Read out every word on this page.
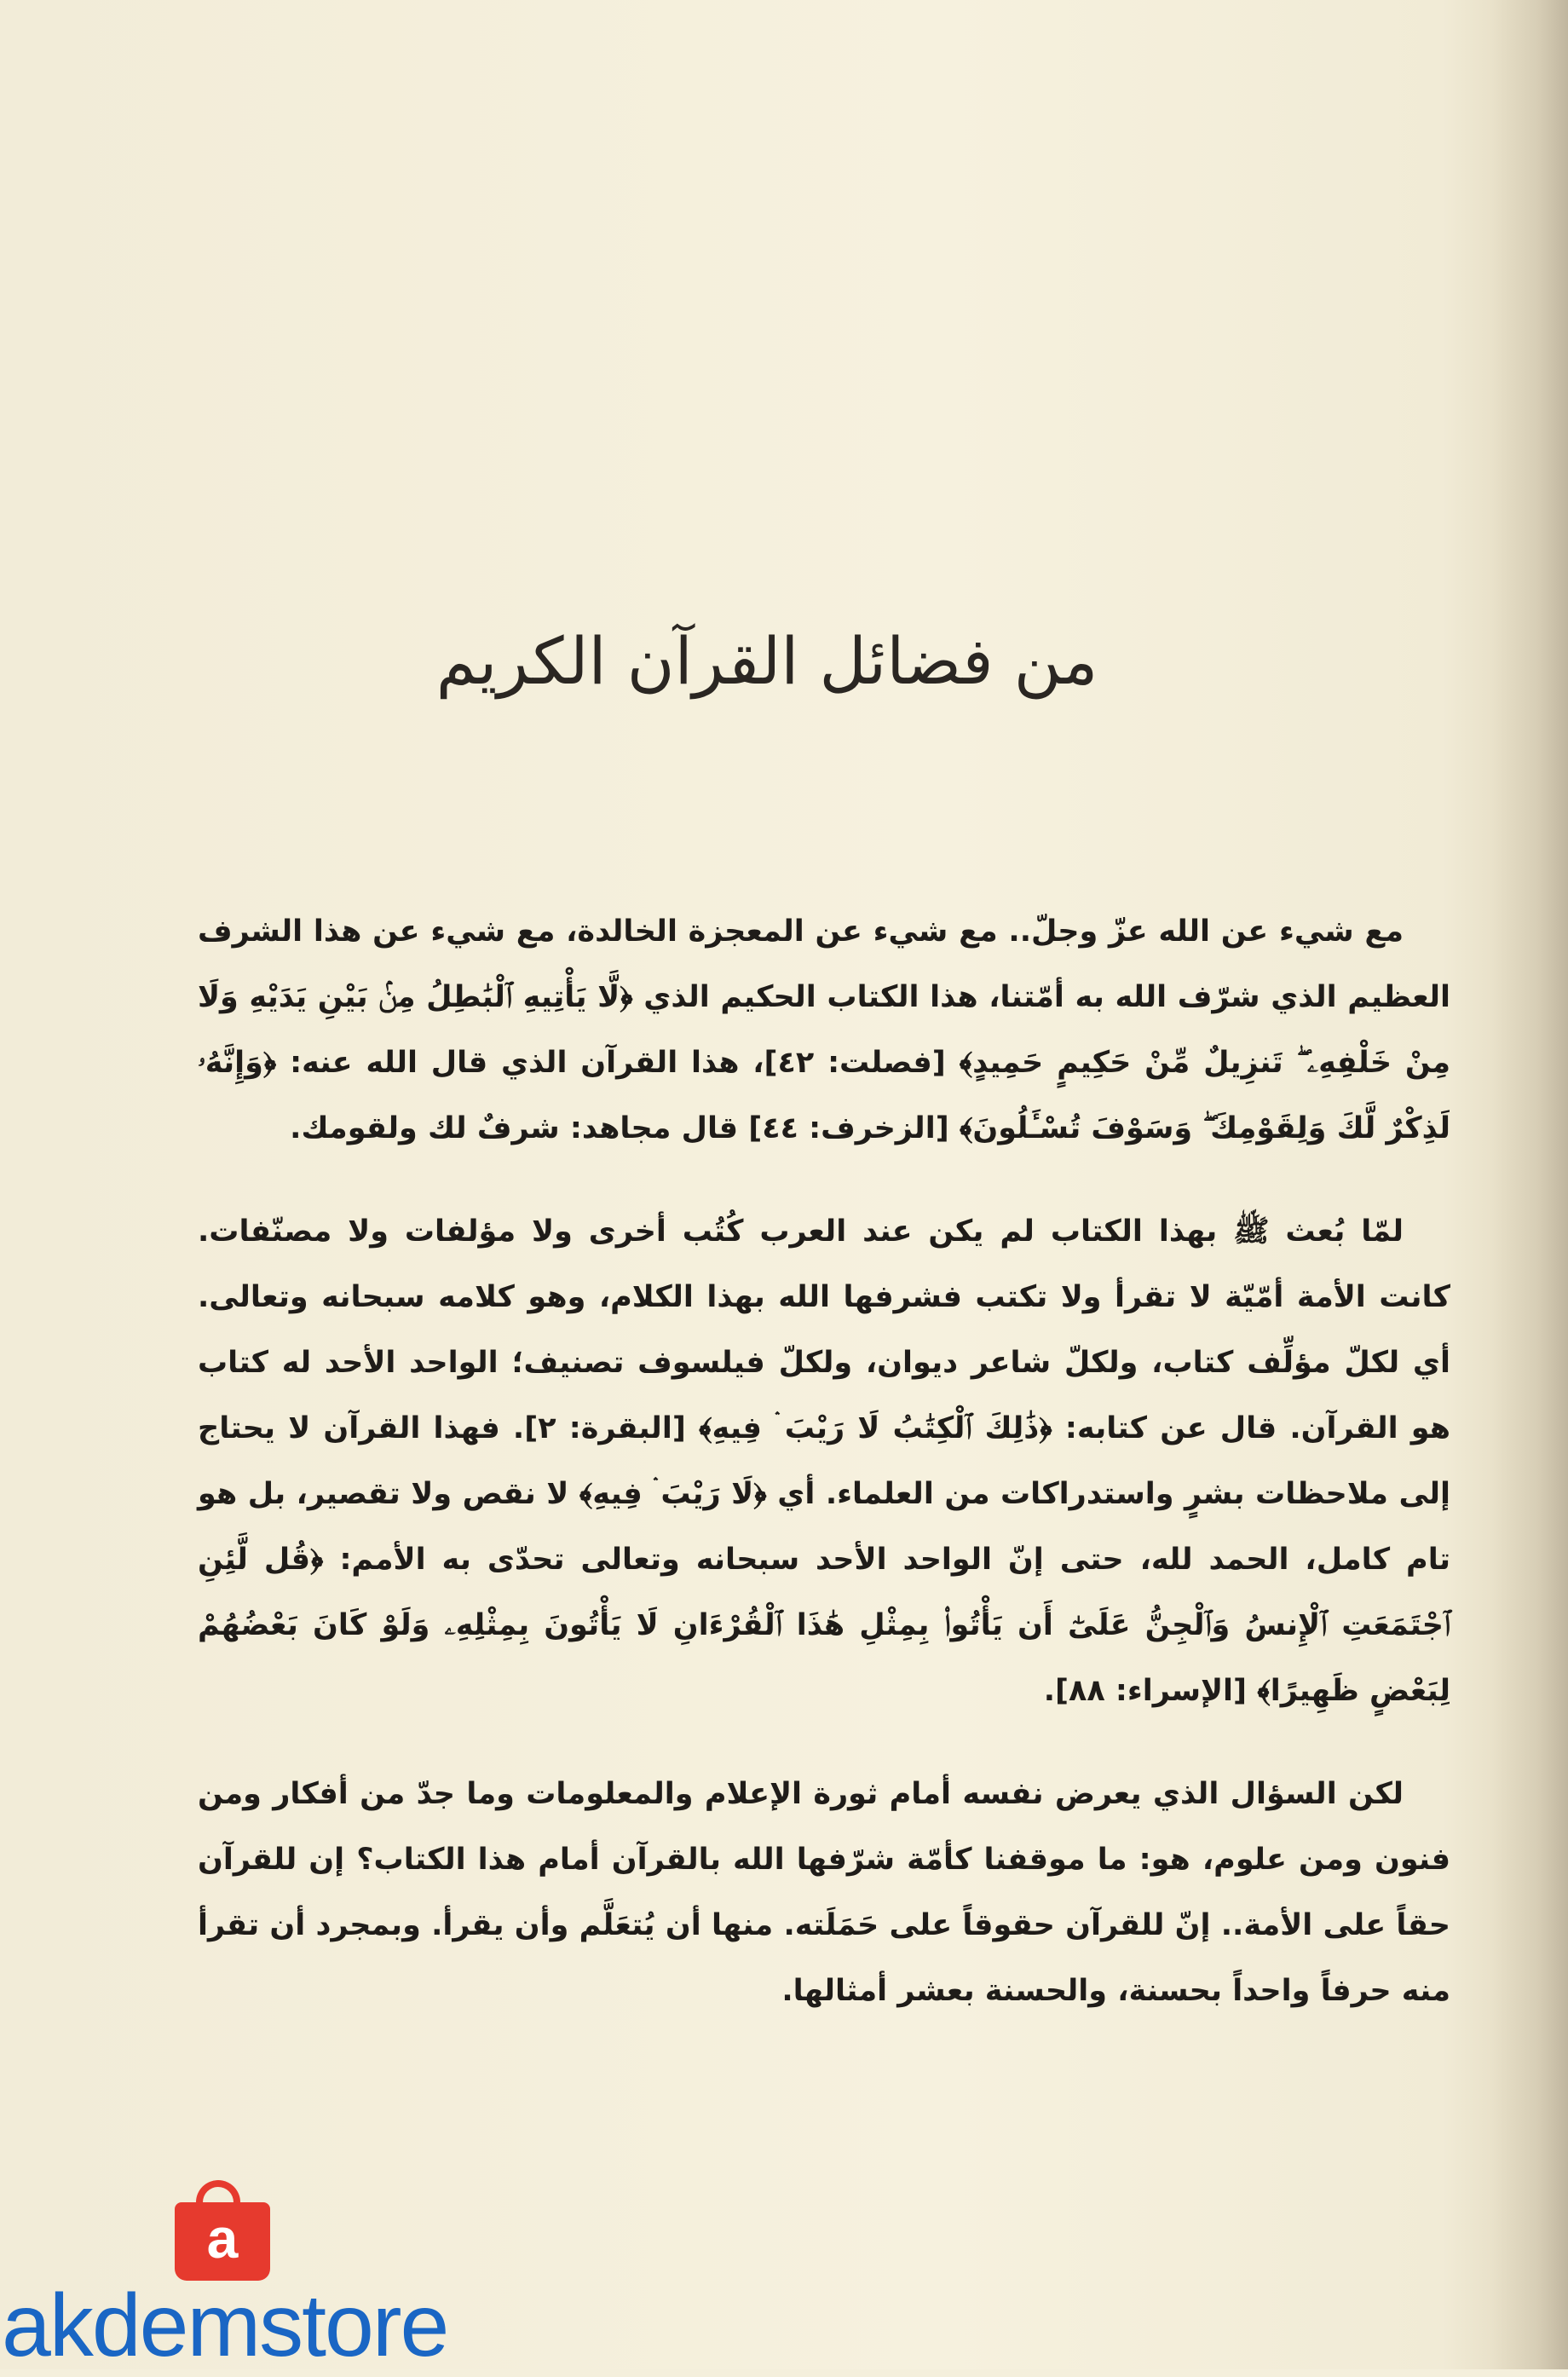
من فضائل القرآن الكريم

مع شيء عن الله عزّ وجلّ.. مع شيء عن المعجزة الخالدة، مع شيء عن هذا الشرف العظيم الذي شرّف الله به أمّتنا، هذا الكتاب الحكيم الذي ﴿لَّا يَأْتِيهِ ٱلْبَٰطِلُ مِنۢ بَيْنِ يَدَيْهِ وَلَا مِنْ خَلْفِهِۦ ۖ تَنزِيلٌ مِّنْ حَكِيمٍ حَمِيدٍ﴾ [فصلت: ٤٢]، هذا القرآن الذي قال الله عنه: ﴿وَإِنَّهُۥ لَذِكْرٌ لَّكَ وَلِقَوْمِكَ ۖ وَسَوْفَ تُسْـَٔلُونَ﴾ [الزخرف: ٤٤] قال مجاهد: شرفٌ لك ولقومك.

لمّا بُعث ﷺ بهذا الكتاب لم يكن عند العرب كُتُب أخرى ولا مؤلفات ولا مصنّفات. كانت الأمة أمّيّة لا تقرأ ولا تكتب فشرفها الله بهذا الكلام، وهو كلامه سبحانه وتعالى. أي لكلّ مؤلِّف كتاب، ولكلّ شاعر ديوان، ولكلّ فيلسوف تصنيف؛ الواحد الأحد له كتاب هو القرآن. قال عن كتابه: ﴿ذَٰلِكَ ٱلْكِتَٰبُ لَا رَيْبَ ۛ فِيهِ﴾ [البقرة: ٢]. فهذا القرآن لا يحتاج إلى ملاحظات بشرٍ واستدراكات من العلماء. أي ﴿لَا رَيْبَ ۛ فِيهِ﴾ لا نقص ولا تقصير، بل هو تام كامل، الحمد لله، حتى إنّ الواحد الأحد سبحانه وتعالى تحدّى به الأمم: ﴿قُل لَّئِنِ ٱجْتَمَعَتِ ٱلْإِنسُ وَٱلْجِنُّ عَلَىٰٓ أَن يَأْتُوا۟ بِمِثْلِ هَٰذَا ٱلْقُرْءَانِ لَا يَأْتُونَ بِمِثْلِهِۦ وَلَوْ كَانَ بَعْضُهُمْ لِبَعْضٍ ظَهِيرًا﴾ [الإسراء: ٨٨].

لكن السؤال الذي يعرض نفسه أمام ثورة الإعلام والمعلومات وما جدّ من أفكار ومن فنون ومن علوم، هو: ما موقفنا كأمّة شرّفها الله بالقرآن أمام هذا الكتاب؟ إن للقرآن حقاً على الأمة.. إنّ للقرآن حقوقاً على حَمَلَته. منها أن يُتعَلَّم وأن يقرأ. وبمجرد أن تقرأ منه حرفاً واحداً بحسنة، والحسنة بعشر أمثالها.

a
akdemstore
